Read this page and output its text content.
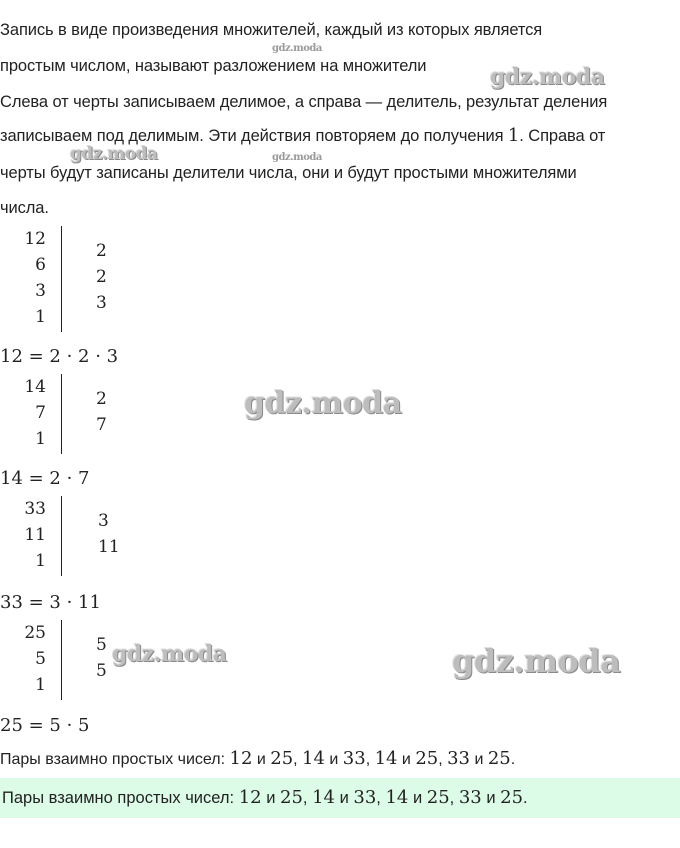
Запись в виде произведения множителей, каждый из которых является
простым числом, называют разложением на множители
Слева от черты записываем делимое, а справа — делитель, результат деления
записываем под делимым. Эти действия повторяем до получения 1. Справа от
черты будут записаны делители числа, они и будут простыми множителями
числа.
12
6
3
1
2
2
3
12 = 2 · 2 · 3
14
7
1
2
7
14 = 2 · 7
33
11
1
3
11
33 = 3 · 11
25
5
1
5
5
25 = 5 · 5
Пары взаимно простых чисел: 12 и 25, 14 и 33, 14 и 25, 33 и 25.
Пары взаимно простых чисел: 12 и 25, 14 и 33, 14 и 25, 33 и 25.
gdz.moda
gdz.moda
gdz.moda	gdz.moda
gdz.moda
gdz.moda	gdz.moda
